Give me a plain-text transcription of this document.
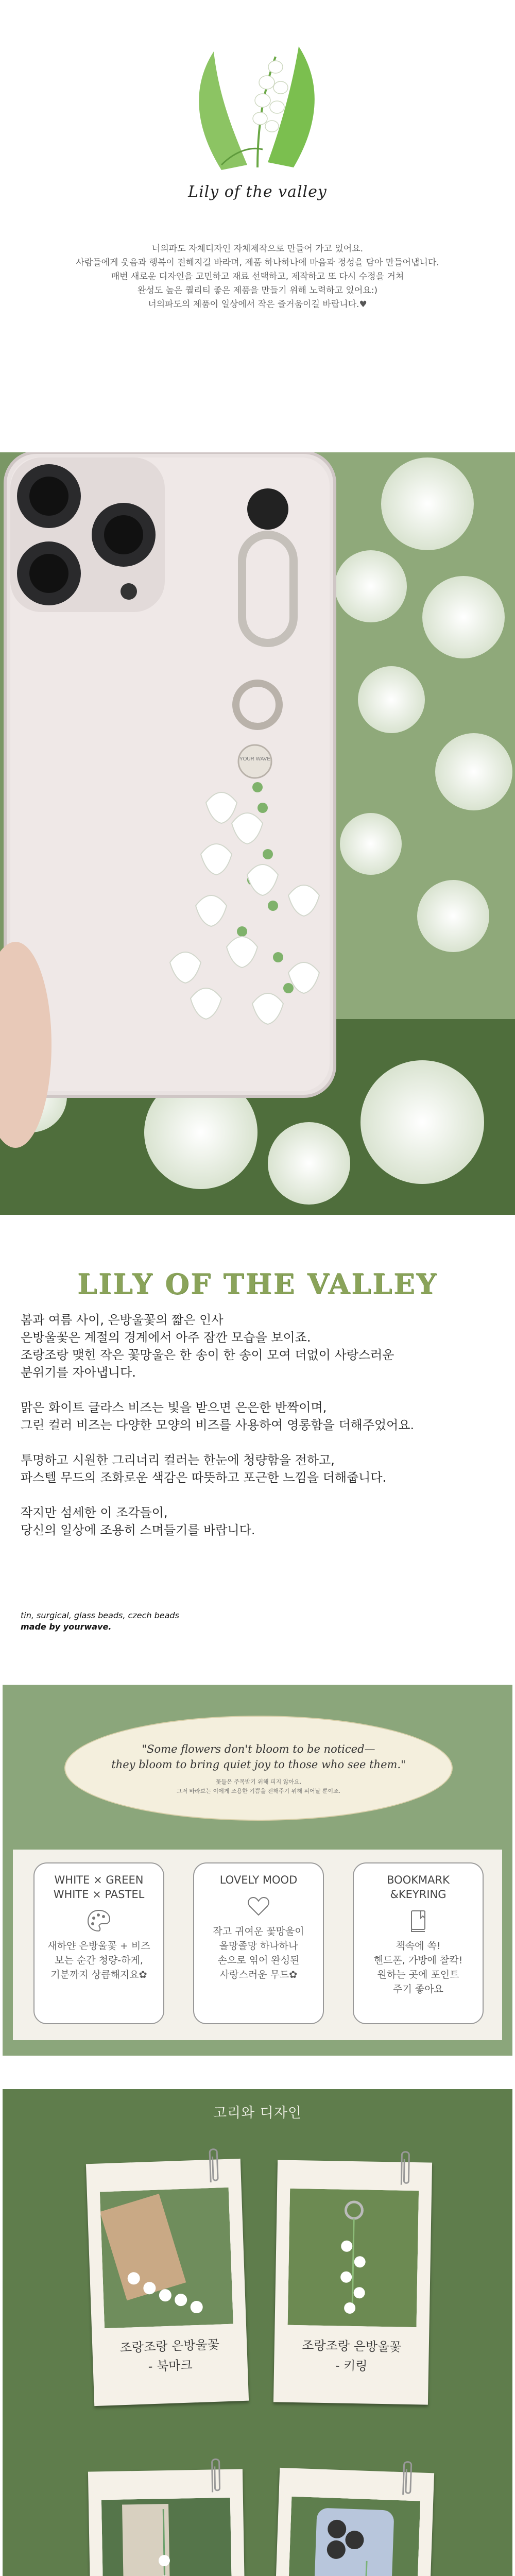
Lily of the valley
너의파도 자체디자인 자체제작으로 만들어 가고 있어요.
사람들에게 웃음과 행복이 전해지길 바라며, 제품 하나하나에 마음과 정성을 담아 만들어냅니다.
매번 새로운 디자인을 고민하고 재료 선택하고, 제작하고 또 다시 수정을 거쳐
완성도 높은 퀄리티 좋은 제품을 만들기 위해 노력하고 있어요:)
너의파도의 제품이 일상에서 작은 즐거움이길 바랍니다.♥
YOUR WAVE
LILY OF THE VALLEY
봄과 여름 사이, 은방울꽃의 짧은 인사
은방울꽃은 계절의 경계에서 아주 잠깐 모습을 보이죠.
조랑조랑 맺힌 작은 꽃망울은 한 송이 한 송이 모여 더없이 사랑스러운
분위기를 자아냅니다.
맑은 화이트 글라스 비즈는 빛을 받으면 은은한 반짝이며,
그린 컬러 비즈는 다양한 모양의 비즈를 사용하여 영롱함을 더해주었어요.
투명하고 시원한 그리너리 컬러는 한눈에 청량함을 전하고,
파스텔 무드의 조화로운 색감은 따뜻하고 포근한 느낌을 더해줍니다.
작지만 섬세한 이 조각들이,
당신의 일상에 조용히 스며들기를 바랍니다.
tin, surgical, glass beads, czech beads
made by yourwave.
"Some flowers don't bloom to be noticed—
they bloom to bring quiet joy to those who see them."
꽃들은 주목받기 위해 피지 않아요.
그저 바라보는 이에게 조용한 기쁨을 전해주기 위해 피어날 뿐이죠.
WHITE × GREEN
WHITE × PASTEL
새하얀 은방울꽃 + 비즈
보는 순간 청량-하게,
기분까지 상큼해지요✿
LOVELY MOOD
작고 귀여운 꽃망울이
올망졸망 하나하나
손으로 엮어 완성된
사랑스러운 무드✿
BOOKMARK
&KEYRING
책속에 쏙!
핸드폰, 가방에 찰칵!
원하는 곳에 포인트
주기 좋아요
고리와 디자인
조랑조랑 은방울꽃
- 북마크
조랑조랑 은방울꽃
- 키링
